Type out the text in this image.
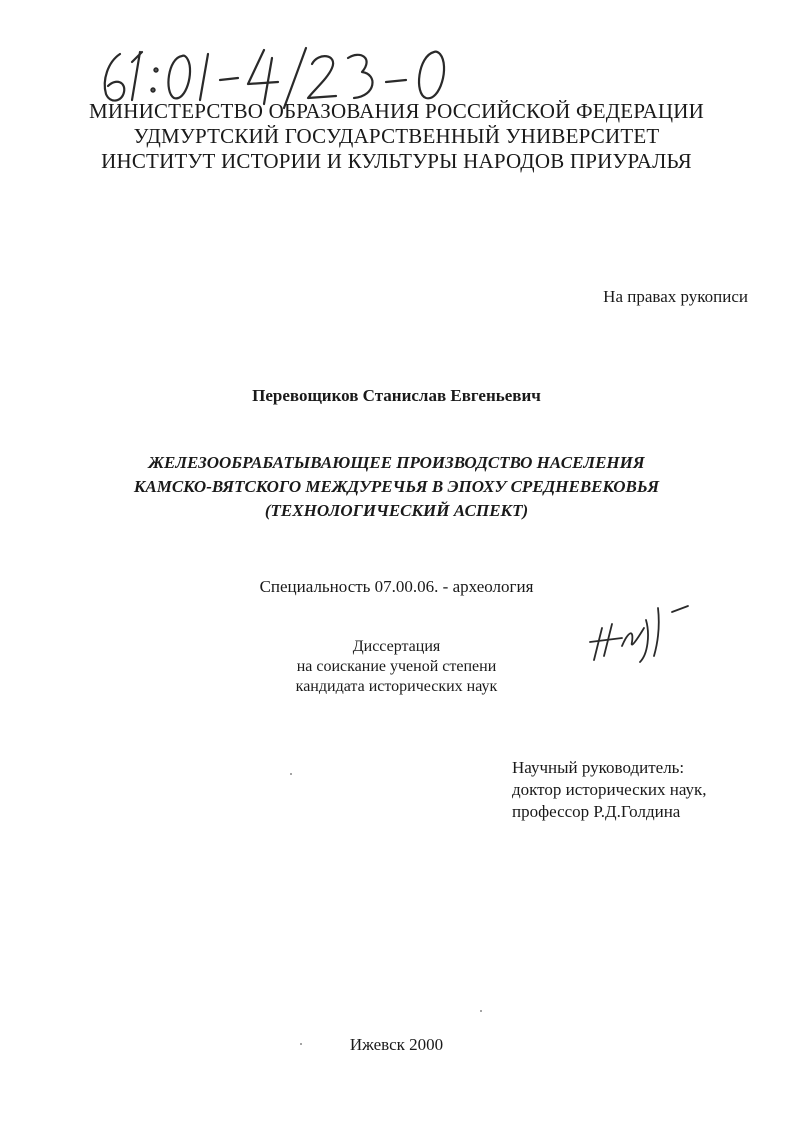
МИНИСТЕРСТВО ОБРАЗОВАНИЯ РОССИЙСКОЙ ФЕДЕРАЦИИ
УДМУРТСКИЙ ГОСУДАРСТВЕННЫЙ УНИВЕРСИТЕТ
ИНСТИТУТ ИСТОРИИ И КУЛЬТУРЫ НАРОДОВ ПРИУРАЛЬЯ
На правах рукописи
Перевощиков Станислав Евгеньевич
ЖЕЛЕЗООБРАБАТЫВАЮЩЕЕ ПРОИЗВОДСТВО НАСЕЛЕНИЯ
КАМСКО-ВЯТСКОГО МЕЖДУРЕЧЬЯ В ЭПОХУ СРЕДНЕВЕКОВЬЯ
(ТЕХНОЛОГИЧЕСКИЙ АСПЕКТ)
Специальность 07.00.06. - археология
Диссертация
на соискание ученой степени
кандидата исторических наук
Научный руководитель:
доктор исторических наук,
профессор Р.Д.Голдина
Ижевск 2000
